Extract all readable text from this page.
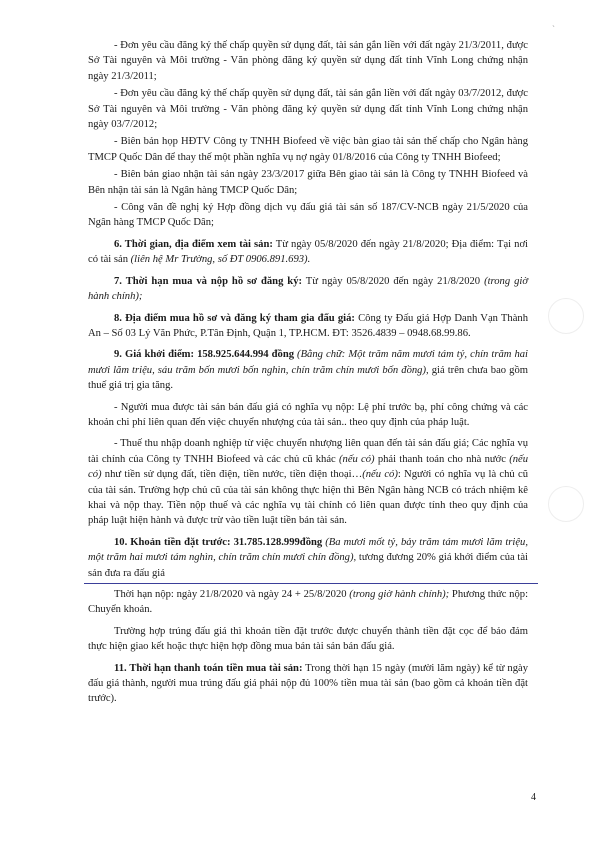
ˋ

- Đơn yêu cầu đăng ký thế chấp quyền sử dụng đất, tài sản gắn liền với đất ngày 21/3/2011, được Sở Tài nguyên và Môi trường - Văn phòng đăng ký quyền sử dụng đất tỉnh Vĩnh Long chứng nhận ngày 21/3/2011;

- Đơn yêu cầu đăng ký thế chấp quyền sử dụng đất, tài sản gắn liền với đất ngày 03/7/2012, được Sở Tài nguyên và Môi trường - Văn phòng đăng ký quyền sử dụng đất tỉnh Vĩnh Long chứng nhận ngày 03/7/2012;

- Biên bản họp HĐTV Công ty TNHH Biofeed về việc bàn giao tài sản thế chấp cho Ngân hàng TMCP Quốc Dân để thay thế một phần nghĩa vụ nợ ngày 01/8/2016 của Công ty TNHH Biofeed;

- Biên bản giao nhận tài sản ngày 23/3/2017 giữa Bên giao tài sản là Công ty TNHH Biofeed và Bên nhận tài sản là Ngân hàng TMCP Quốc Dân;

- Công văn đề nghị ký Hợp đồng dịch vụ đấu giá tài sản số 187/CV-NCB ngày 21/5/2020 của Ngân hàng TMCP Quốc Dân;

6. Thời gian, địa điểm xem tài sản: Từ ngày 05/8/2020 đến ngày 21/8/2020; Địa điểm: Tại nơi có tài sản (liên hệ Mr Trường, số ĐT 0906.891.693).

7. Thời hạn mua và nộp hồ sơ đăng ký: Từ ngày 05/8/2020 đến ngày 21/8/2020 (trong giờ hành chính);

8. Địa điểm mua hồ sơ và đăng ký tham gia đấu giá: Công ty Đấu giá Hợp Danh Vạn Thành An – Số 03 Lý Văn Phức, P.Tân Định, Quận 1, TP.HCM. ĐT: 3526.4839 – 0948.68.99.86.

9. Giá khởi điểm: 158.925.644.994 đồng (Bằng chữ: Một trăm năm mươi tám tỷ, chín trăm hai mươi lăm triệu, sáu trăm bốn mươi bốn nghìn, chín trăm chín mươi bốn đồng), giá trên chưa bao gồm thuế giá trị gia tăng.

- Người mua được tài sản bán đấu giá có nghĩa vụ nộp: Lệ phí trước bạ, phí công chứng và các khoản chi phí liên quan đến việc chuyển nhượng của tài sản.. theo quy định của pháp luật.

- Thuế thu nhập doanh nghiệp từ việc chuyển nhượng liên quan đến tài sản đấu giá; Các nghĩa vụ tài chính của Công ty TNHH Biofeed và các chủ cũ khác (nếu có) phải thanh toán cho nhà nước (nếu có) như tiền sử dụng đất, tiền điện, tiền nước, tiền điện thoại…(nếu có): Người có nghĩa vụ là chủ cũ của tài sản. Trường hợp chủ cũ của tài sản không thực hiện thì Bên Ngân hàng NCB có trách nhiệm kê khai và nộp thay. Tiền nộp thuế và các nghĩa vụ tài chính có liên quan được tính theo quy định của pháp luật hiện hành và được trừ vào tiền luật tiền bán tài sản.

10. Khoản tiền đặt trước: 31.785.128.999đồng (Ba mươi mốt tỷ, bảy trăm tám mươi lăm triệu, một trăm hai mươi tám nghìn, chín trăm chín mươi chín đồng), tương đương 20% giá khởi điểm của tài sản đưa ra đấu giá

Thời hạn nộp: ngày 21/8/2020 và ngày 24 + 25/8/2020 (trong giờ hành chính); Phương thức nộp: Chuyển khoản.

Trường hợp trúng đấu giá thì khoản tiền đặt trước được chuyển thành tiền đặt cọc để bảo đảm thực hiện giao kết hoặc thực hiện hợp đồng mua bán tài sản bán đấu giá.

11. Thời hạn thanh toán tiền mua tài sản: Trong thời hạn 15 ngày (mười lăm ngày) kể từ ngày đấu giá thành, người mua trúng đấu giá phải nộp đủ 100% tiền mua tài sản (bao gồm cả khoản tiền đặt trước).

4
